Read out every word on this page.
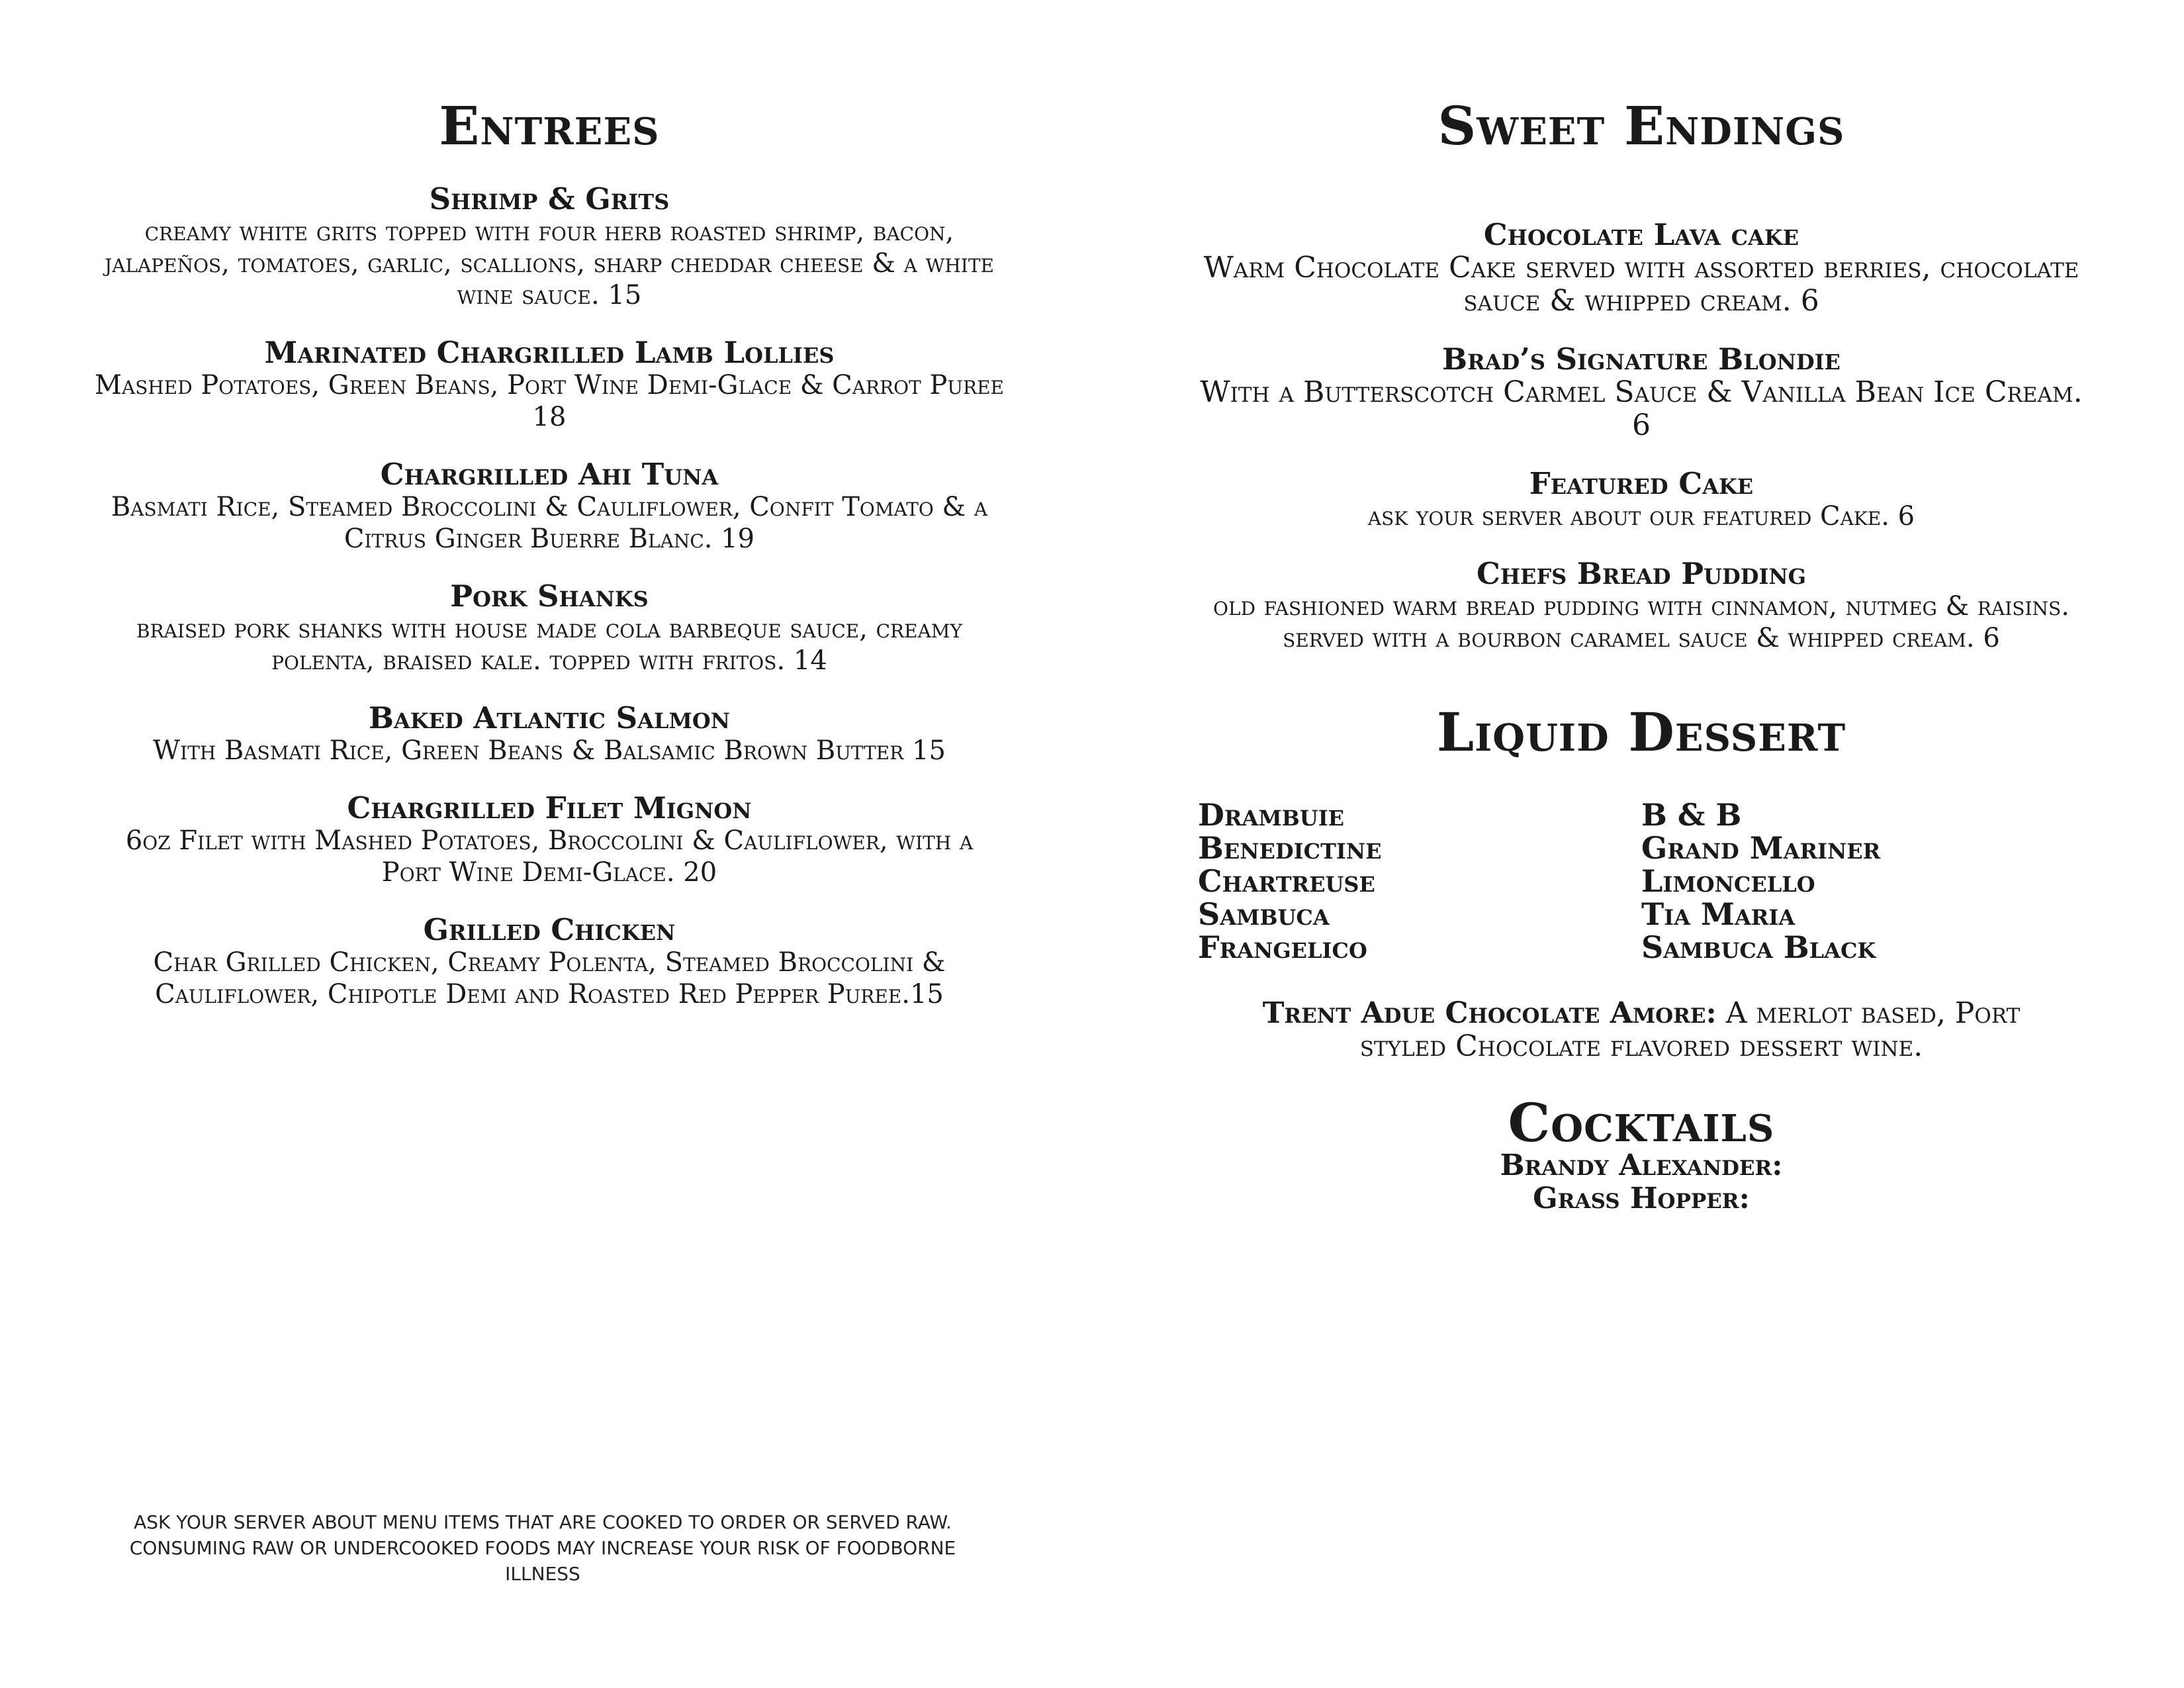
Entrees
Shrimp & Grits
creamy white grits topped with four herb roasted shrimp, bacon, jalapeños, tomatoes, garlic, scallions, sharp cheddar cheese & a white wine sauce. 15
Marinated Chargrilled Lamb Lollies
Mashed Potatoes, Green Beans, Port Wine Demi-Glace & Carrot Puree 18
Chargrilled Ahi Tuna
Basmati Rice, Steamed Broccolini & Cauliflower, Confit Tomato & a Citrus Ginger Buerre Blanc. 19
Pork Shanks
braised pork shanks with house made cola barbeque sauce, creamy polenta, braised kale. topped with fritos. 14
Baked Atlantic Salmon
With Basmati Rice, Green Beans & Balsamic Brown Butter 15
Chargrilled Filet Mignon
6oz Filet with Mashed Potatoes, Broccolini & Cauliflower, with a Port Wine Demi-Glace. 20
Grilled Chicken
Char Grilled Chicken, Creamy Polenta, Steamed Broccolini & Cauliflower, Chipotle Demi and Roasted Red Pepper Puree.15
ASK YOUR SERVER ABOUT MENU ITEMS THAT ARE COOKED TO ORDER OR SERVED RAW. CONSUMING RAW OR UNDERCOOKED FOODS MAY INCREASE YOUR RISK OF FOODBORNE ILLNESS
Sweet Endings
Chocolate Lava cake
Warm Chocolate Cake served with assorted berries, chocolate sauce & whipped cream. 6
Brad’s Signature Blondie
With a Butterscotch Carmel Sauce & Vanilla Bean Ice Cream. 6
Featured Cake
ask your server about our featured Cake. 6
Chefs Bread Pudding
old fashioned warm bread pudding with cinnamon, nutmeg & raisins. served with a bourbon caramel sauce & whipped cream. 6
Liquid Dessert
Drambuie
Benedictine
Chartreuse
Sambuca
Frangelico
B & B
Grand Mariner
Limoncello
Tia Maria
Sambuca Black
Trent Adue Chocolate Amore: A merlot based, Port styled Chocolate flavored dessert wine.
Cocktails
Brandy Alexander:
Grass Hopper:
